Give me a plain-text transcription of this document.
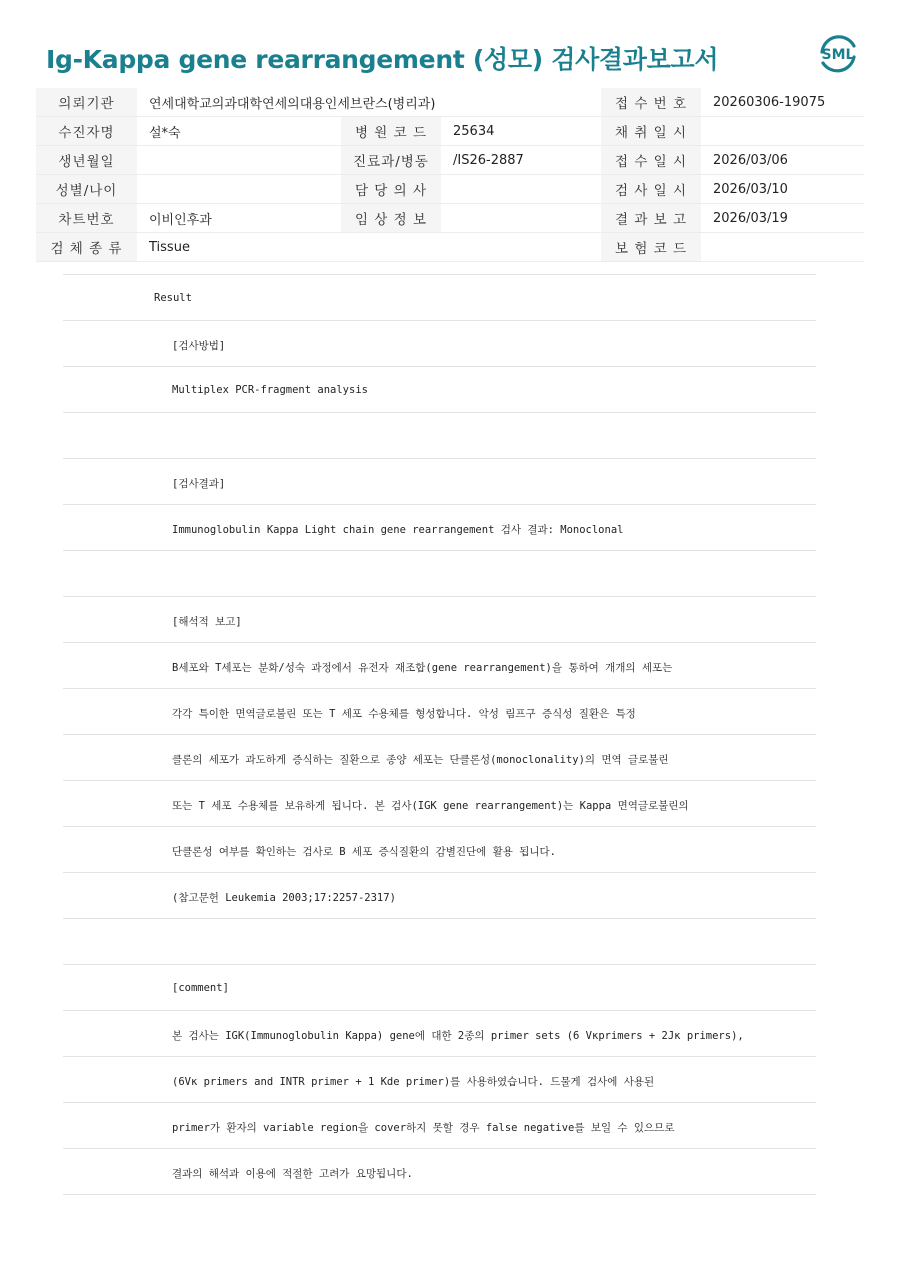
Ig-Kappa gene rearrangement (성모) 검사결과보고서	SML
의뢰기관	연세대학교의과대학연세의대용인세브란스(병리과)			접 수 번 호	20260306-19075
수진자명	설*숙	병 원 코 드	25634	채 취 일 시	
생년월일		진료과/병동	/IS26-2887	접 수 일 시	2026/03/06
성별/나이		담 당 의 사		검 사 일 시	2026/03/10
차트번호	이비인후과	임 상 정 보		결 과 보 고	2026/03/19
검 체 종 류	Tissue			보 험 코 드	
Result
[검사방법]
Multiplex PCR-fragment analysis
[검사결과]
Immunoglobulin Kappa Light chain gene rearrangement 검사 결과: Monoclonal
[해석적 보고]
B세포와 T세포는 분화/성숙 과정에서 유전자 재조합(gene rearrangement)을 통하여 개개의 세포는
각각 특이한 면역글로불린 또는 T 세포 수용체를 형성합니다. 악성 림프구 증식성 질환은 특정
클론의 세포가 과도하게 증식하는 질환으로 종양 세포는 단클론성(monoclonality)의 면역 글로불린
또는 T 세포 수용체를 보유하게 됩니다. 본 검사(IGK gene rearrangement)는 Kappa 면역글로불린의
단클론성 여부를 확인하는 검사로 B 세포 증식질환의 감별진단에 활용 됩니다.
(참고문헌 Leukemia 2003;17:2257-2317)
[comment]
본 검사는 IGK(Immunoglobulin Kappa) gene에 대한 2종의 primer sets (6 Vκprimers + 2Jκ primers),
(6Vκ primers and INTR primer + 1 Kde primer)를 사용하였습니다. 드물게 검사에 사용된
primer가 환자의 variable region을 cover하지 못할 경우 false negative를 보일 수 있으므로
결과의 해석과 이용에 적절한 고려가 요망됩니다.
